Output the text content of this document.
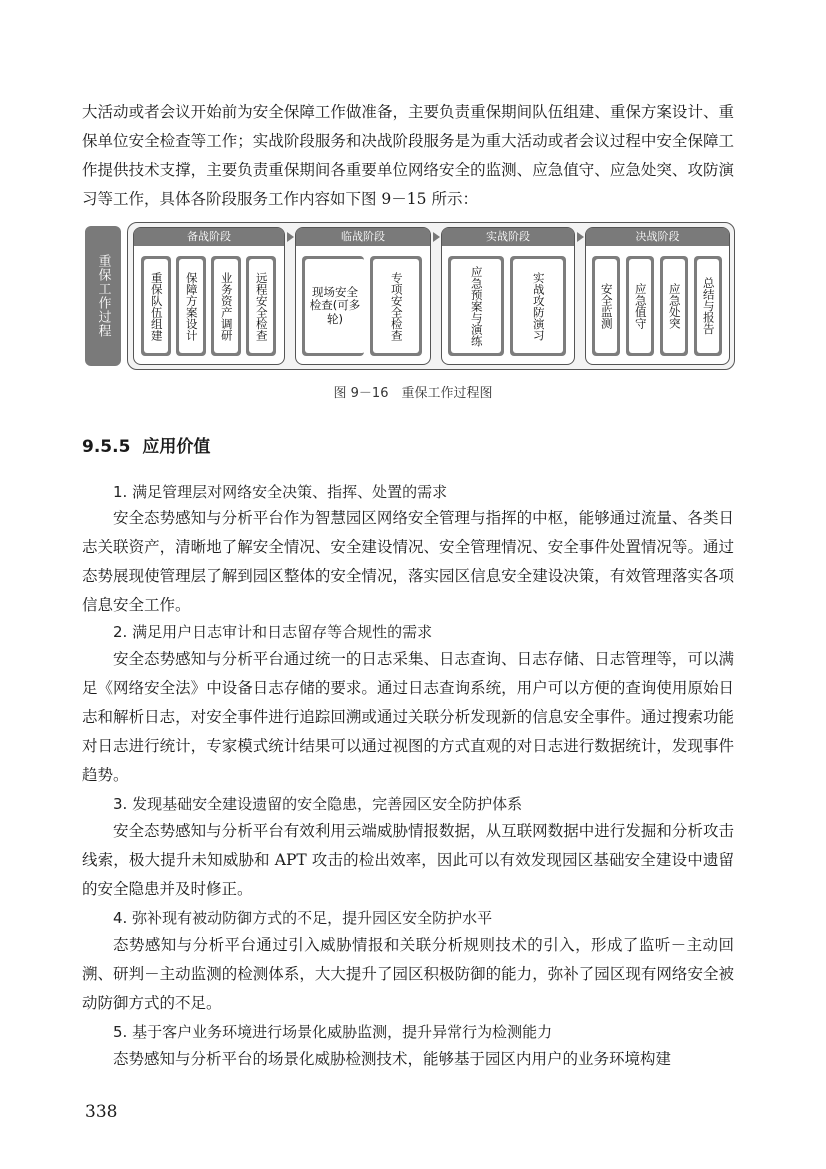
大活动或者会议开始前为安全保障工作做准备，主要负责重保期间队伍组建、重保方案设计、重保单位安全检查等工作；实战阶段服务和决战阶段服务是为重大活动或者会议过程中安全保障工作提供技术支撑，主要负责重保期间各重要单位网络安全的监测、应急值守、应急处突、攻防演习等工作，具体各阶段服务工作内容如下图 9－15 所示：

重保工作过程
备战阶段
重保队伍组建	保障方案设计	业务资产调研	远程安全检查
临战阶段
现场安全检查(可多轮)	专项安全检查
实战阶段
应急预案与演练	实战攻防演习
决战阶段
安全监测	应急值守	应急处突	总结与报告
图 9－16　重保工作过程图
9.5.5 应用价值
1. 满足管理层对网络安全决策、指挥、处置的需求

安全态势感知与分析平台作为智慧园区网络安全管理与指挥的中枢，能够通过流量、各类日志关联资产，清晰地了解安全情况、安全建设情况、安全管理情况、安全事件处置情况等。通过态势展现使管理层了解到园区整体的安全情况，落实园区信息安全建设决策，有效管理落实各项信息安全工作。

2. 满足用户日志审计和日志留存等合规性的需求

安全态势感知与分析平台通过统一的日志采集、日志查询、日志存储、日志管理等，可以满足《网络安全法》中设备日志存储的要求。通过日志查询系统，用户可以方便的查询使用原始日志和解析日志，对安全事件进行追踪回溯或通过关联分析发现新的信息安全事件。通过搜索功能对日志进行统计，专家模式统计结果可以通过视图的方式直观的对日志进行数据统计，发现事件趋势。

3. 发现基础安全建设遗留的安全隐患，完善园区安全防护体系

安全态势感知与分析平台有效利用云端威胁情报数据，从互联网数据中进行发掘和分析攻击线索，极大提升未知威胁和 APT 攻击的检出效率，因此可以有效发现园区基础安全建设中遗留的安全隐患并及时修正。

4. 弥补现有被动防御方式的不足，提升园区安全防护水平

态势感知与分析平台通过引入威胁情报和关联分析规则技术的引入，形成了监听－主动回溯、研判－主动监测的检测体系，大大提升了园区积极防御的能力，弥补了园区现有网络安全被动防御方式的不足。

5. 基于客户业务环境进行场景化威胁监测，提升异常行为检测能力

态势感知与分析平台的场景化威胁检测技术，能够基于园区内用户的业务环境构建

338
